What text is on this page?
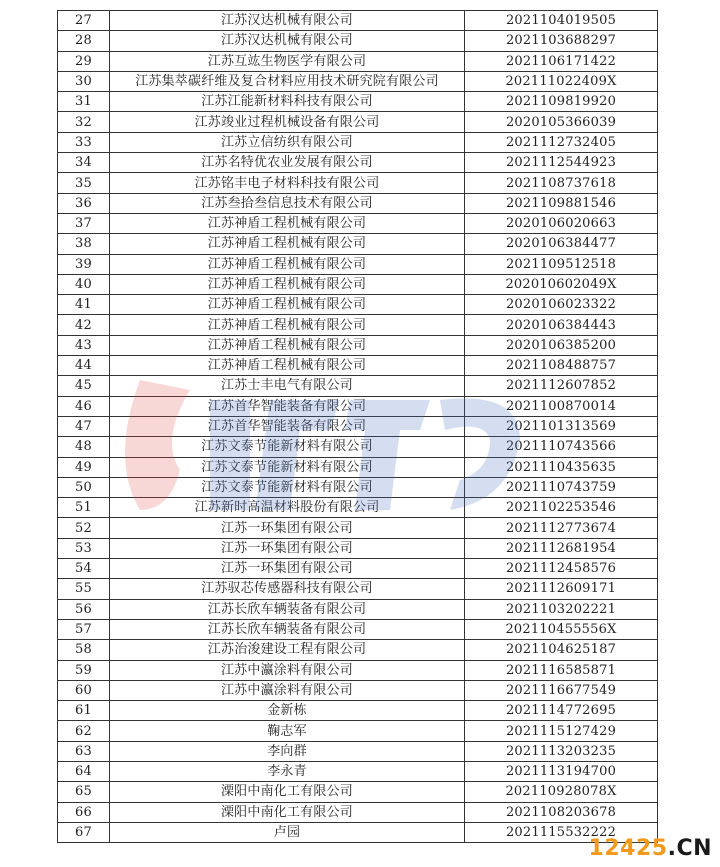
27	江苏汉达机械有限公司	2021104019505
28	江苏汉达机械有限公司	2021103688297
29	江苏互竑生物医学有限公司	2021106171422
30	江苏集萃碳纤维及复合材料应用技术研究院有限公司	202111022409X
31	江苏江能新材料科技有限公司	2021109819920
32	江苏竣业过程机械设备有限公司	2020105366039
33	江苏立信纺织有限公司	2021112732405
34	江苏名特优农业发展有限公司	2021112544923
35	江苏铭丰电子材料科技有限公司	2021108737618
36	江苏叁拾叁信息技术有限公司	2021109881546
37	江苏神盾工程机械有限公司	2020106020663
38	江苏神盾工程机械有限公司	2020106384477
39	江苏神盾工程机械有限公司	2021109512518
40	江苏神盾工程机械有限公司	202010602049X
41	江苏神盾工程机械有限公司	2020106023322
42	江苏神盾工程机械有限公司	2020106384443
43	江苏神盾工程机械有限公司	2020106385200
44	江苏神盾工程机械有限公司	2021108488757
45	江苏士丰电气有限公司	2021112607852
46	江苏首华智能装备有限公司	2021100870014
47	江苏首华智能装备有限公司	2021101313569
48	江苏文泰节能新材料有限公司	2021110743566
49	江苏文泰节能新材料有限公司	2021110435635
50	江苏文泰节能新材料有限公司	2021110743759
51	江苏新时高温材料股份有限公司	2021102253546
52	江苏一环集团有限公司	2021112773674
53	江苏一环集团有限公司	2021112681954
54	江苏一环集团有限公司	2021112458576
55	江苏驭芯传感器科技有限公司	2021112609171
56	江苏长欣车辆装备有限公司	2021103202221
57	江苏长欣车辆装备有限公司	202110455556X
58	江苏治浚建设工程有限公司	2021104625187
59	江苏中瀛涂料有限公司	2021116585871
60	江苏中瀛涂料有限公司	2021116677549
61	金新栋	2021114772695
62	鞠志军	2021115127429
63	李向群	2021113203235
64	李永青	2021113194700
65	溧阳中南化工有限公司	202110928078X
66	溧阳中南化工有限公司	2021108203678
67	卢园	2021115532222
12425.CN
